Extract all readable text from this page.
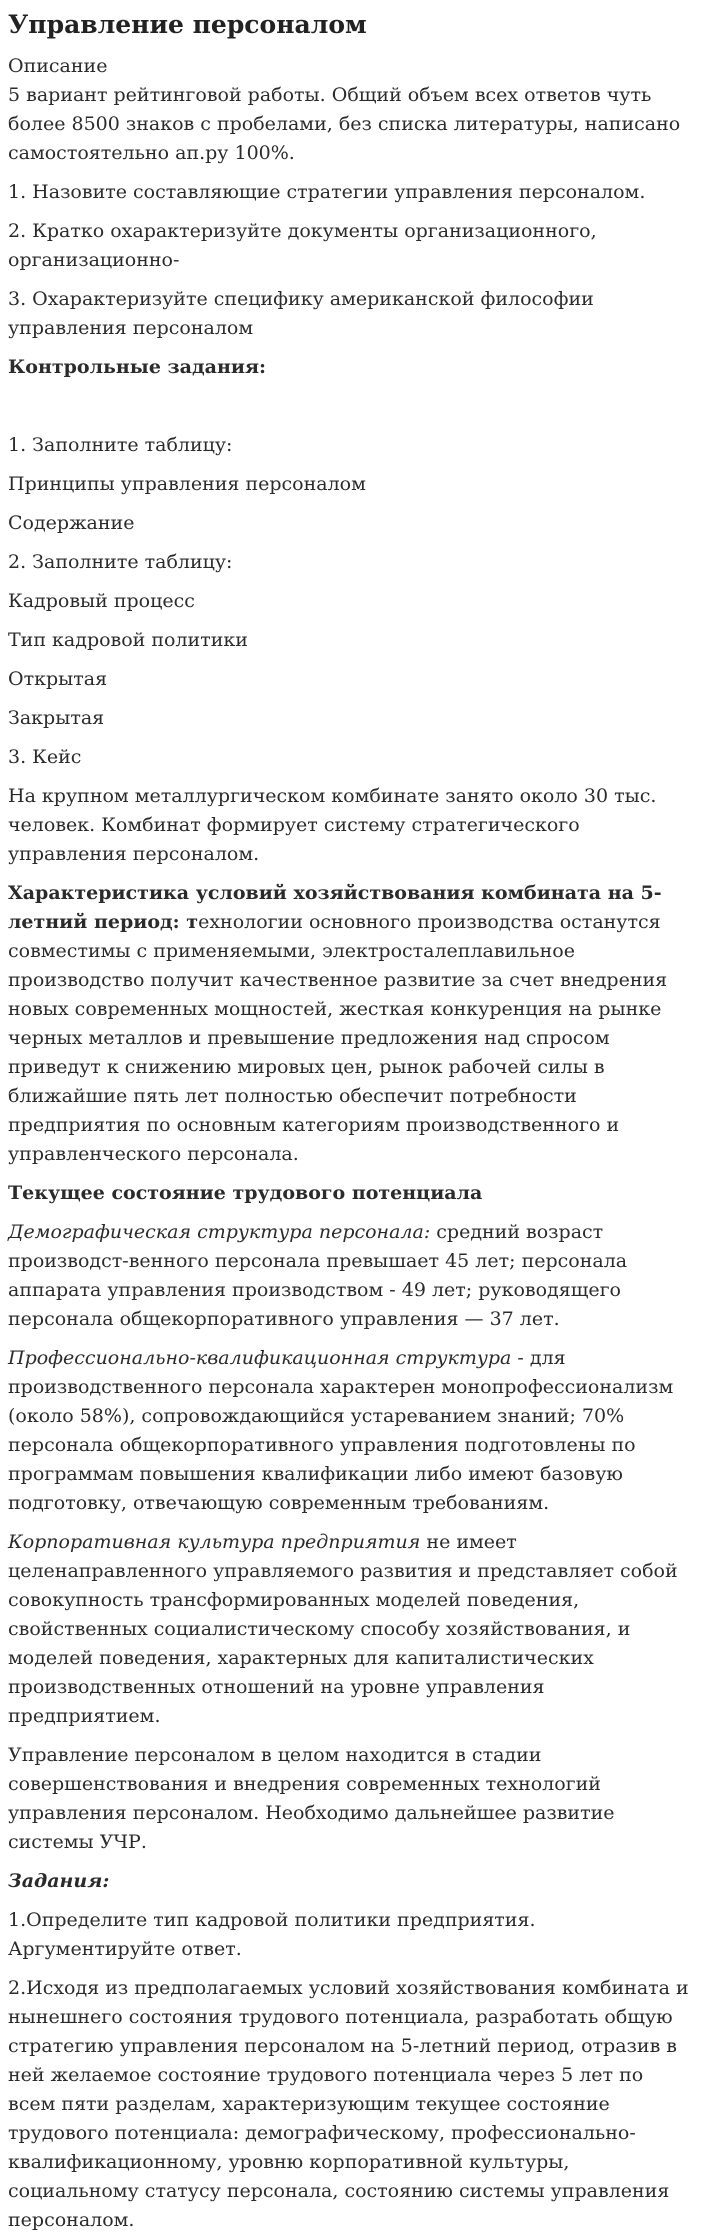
Управление персоналом
Описание
5 вариант рейтинговой работы. Общий объем всех ответов чуть более 8500 знаков с пробелами, без списка литературы, написано самостоятельно ап.ру 100%.

1. Назовите составляющие стратегии управления персоналом.

2. Кратко охарактеризуйте документы организационного, организационно-

3. Охарактеризуйте специфику американской философии управления персоналом

Контрольные задания:

1. Заполните таблицу:

Принципы управления персоналом

Содержание

2. Заполните таблицу:

Кадровый процесс

Тип кадровой политики

Открытая

Закрытая

3. Кейс

На крупном металлургическом комбинате занято около 30 тыс. человек. Комбинат формирует систему стратегического управления персоналом.

Характеристика условий хозяйствования комбината на 5-летний период: технологии основного производства останутся совместимы с применяемыми, электросталеплавильное производство получит качественное развитие за счет внедрения новых современных мощностей, жесткая конкуренция на рынке черных металлов и превышение предложения над спросом приведут к снижению мировых цен, рынок рабочей силы в ближайшие пять лет полностью обеспечит потребности предприятия по основным категориям производственного и управленческого персонала.

Текущее состояние трудового потенциала

Демографическая структура персонала: средний возраст производст-венного персонала превышает 45 лет; персонала аппарата управления производством - 49 лет; руководящего персонала общекорпоративного управления — 37 лет.

Профессионально-квалификационная структура - для производственного персонала характерен монопрофессионализм (около 58%), сопровождающийся устареванием знаний; 70% персонала общекорпоративного управления подготовлены по программам повышения квалификации либо имеют базовую подготовку, отвечающую современным требованиям.

Корпоративная культура предприятия не имеет целенаправленного управляемого развития и представляет собой совокупность трансформированных моделей поведения, свойственных социалистическому способу хозяйствования, и моделей поведения, характерных для капиталистических производственных отношений на уровне управления предприятием.

Управление персоналом в целом находится в стадии совершенствования и внедрения современных технологий управления персоналом. Необходимо дальнейшее развитие системы УЧР.

Задания:

1.Определите тип кадровой политики предприятия. Аргументируйте ответ.

2.Исходя из предполагаемых условий хозяйствования комбината и нынешнего состояния трудового потенциала, разработать общую стратегию управления персоналом на 5-летний период, отразив в ней желаемое состояние трудового потенциала через 5 лет по всем пяти разделам, характеризующим текущее состояние трудового потенциала: демографическому, профессионально-квалификационному, уровню корпоративной культуры, социальному статусу персонала, состоянию системы управления персоналом.
